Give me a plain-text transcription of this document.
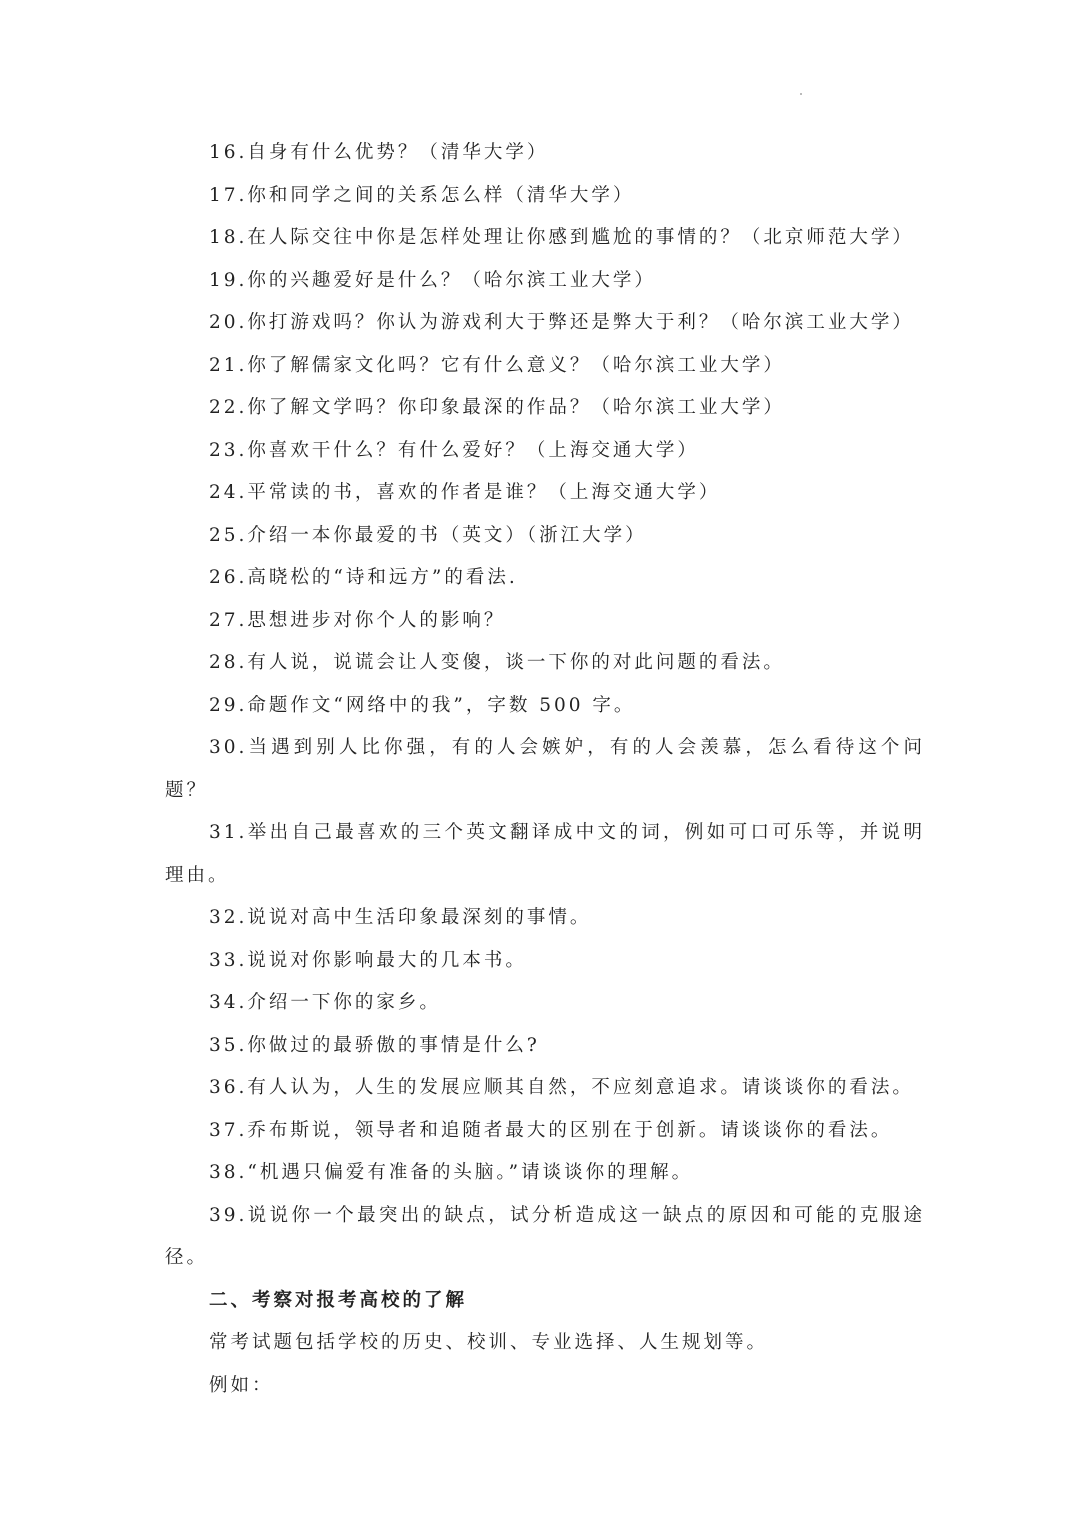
16.自身有什么优势？（清华大学）

17.你和同学之间的关系怎么样（清华大学）

18.在人际交往中你是怎样处理让你感到尴尬的事情的？（北京师范大学）

19.你的兴趣爱好是什么？（哈尔滨工业大学）

20.你打游戏吗？你认为游戏利大于弊还是弊大于利？（哈尔滨工业大学）

21.你了解儒家文化吗？它有什么意义？（哈尔滨工业大学）

22.你了解文学吗？你印象最深的作品？（哈尔滨工业大学）

23.你喜欢干什么？有什么爱好？（上海交通大学）

24.平常读的书，喜欢的作者是谁？（上海交通大学）

25.介绍一本你最爱的书（英文）（浙江大学）

26.高晓松的“诗和远方”的看法.

27.思想进步对你个人的影响？

28.有人说，说谎会让人变傻，谈一下你的对此问题的看法。

29.命题作文“网络中的我”，字数 500 字。

30.当遇到别人比你强，有的人会嫉妒，有的人会羡慕，怎么看待这个问题？

31.举出自己最喜欢的三个英文翻译成中文的词，例如可口可乐等，并说明理由。

32.说说对高中生活印象最深刻的事情。

33.说说对你影响最大的几本书。

34.介绍一下你的家乡。

35.你做过的最骄傲的事情是什么?

36.有人认为，人生的发展应顺其自然，不应刻意追求。请谈谈你的看法。

37.乔布斯说，领导者和追随者最大的区别在于创新。请谈谈你的看法。

38.“机遇只偏爱有准备的头脑。”请谈谈你的理解。

39.说说你一个最突出的缺点，试分析造成这一缺点的原因和可能的克服途径。

二、考察对报考高校的了解

常考试题包括学校的历史、校训、专业选择、人生规划等。

例如：
